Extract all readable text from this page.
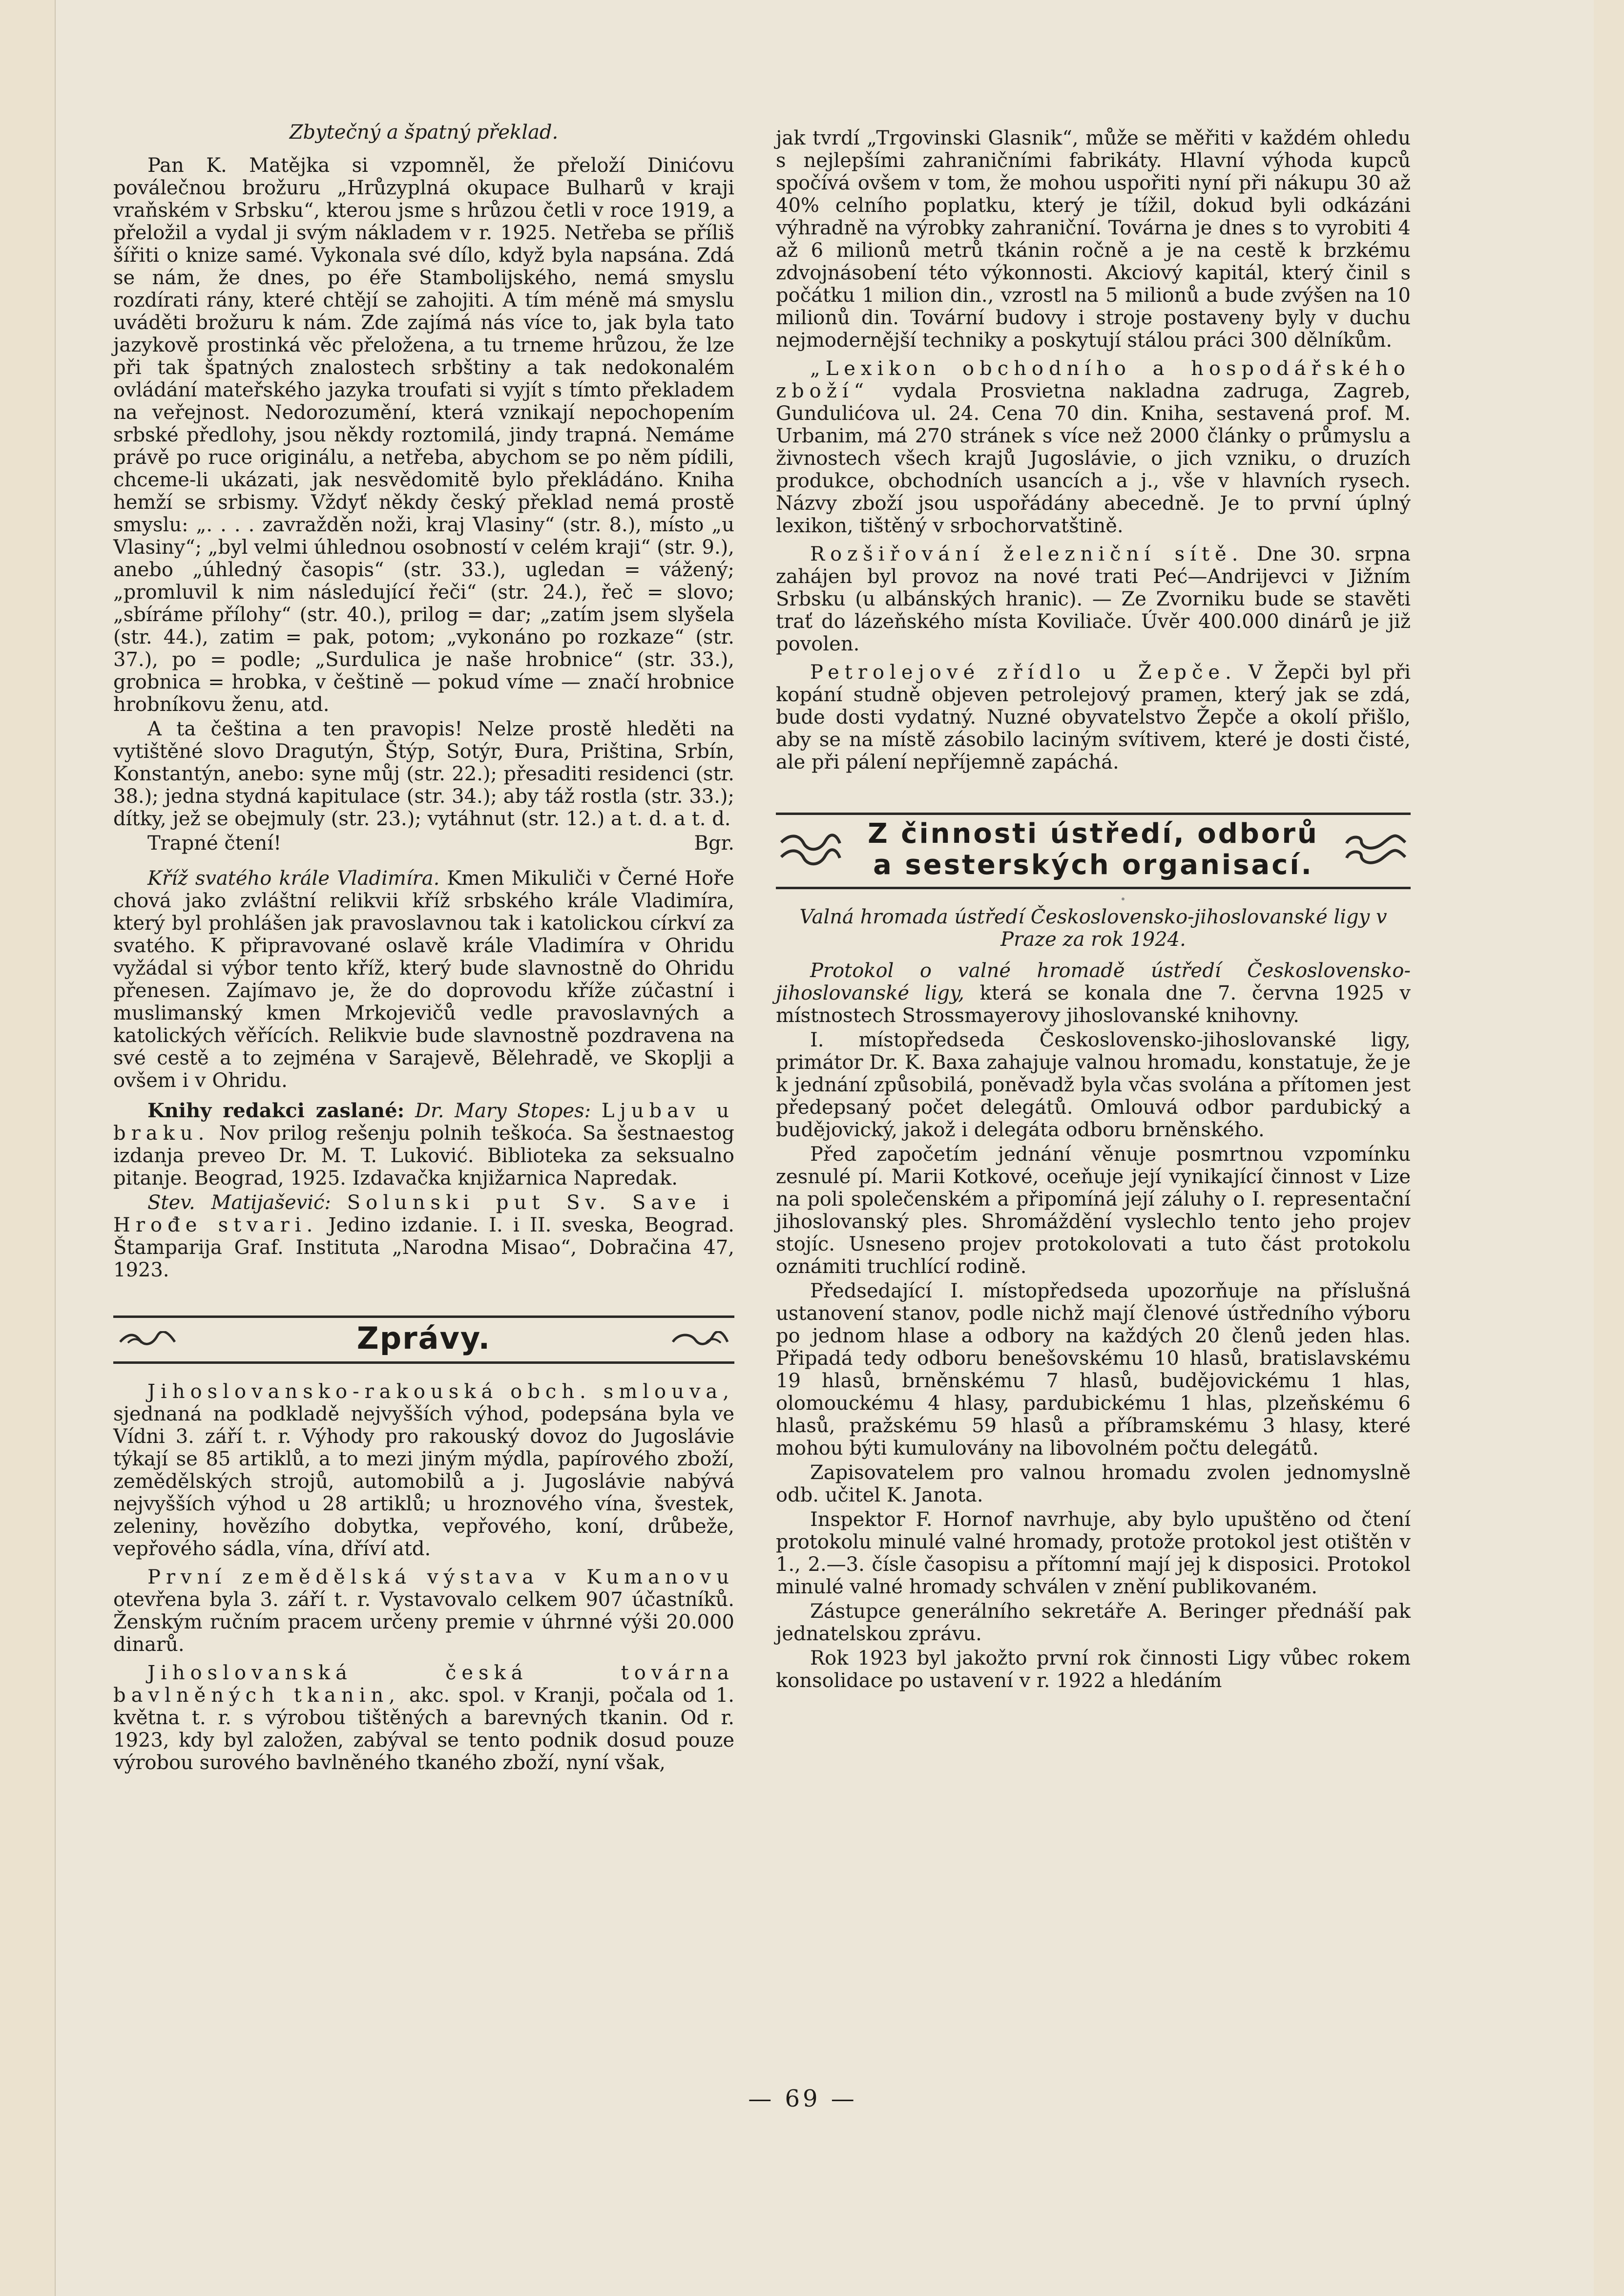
Zbytečný a špatný překlad.

Pan K. Matějka si vzpomněl, že přeloží Dinićovu poválečnou brožuru „Hrůzyplná okupace Bulharů v kraji vraňském v Srbsku“, kterou jsme s hrůzou četli v roce 1919, a přeložil a vydal ji svým nákladem v r. 1925. Netřeba se příliš šířiti o knize samé. Vykonala své dílo, když byla napsána. Zdá se nám, že dnes, po éře Stambolijského, nemá smyslu rozdírati rány, které chtějí se zahojiti. A tím méně má smyslu uváděti brožuru k nám. Zde zajímá nás více to, jak byla tato jazykově prostinká věc přeložena, a tu trneme hrůzou, že lze při tak špatných znalostech srbštiny a tak nedokonalém ovládání mateřského jazyka troufati si vyjít s tímto překladem na veřejnost. Nedorozumění, která vznikají nepochopením srbské předlohy, jsou někdy roztomilá, jindy trapná. Nemáme právě po ruce originálu, a netřeba, abychom se po něm pídili, chceme-li ukázati, jak nesvědomitě bylo překládáno. Kniha hemží se srbismy. Vždyť někdy český překlad nemá prostě smyslu: „. . . . zavražděn noži, kraj Vlasiny“ (str. 8.), místo „u Vlasiny“; „byl velmi úhlednou osobností v celém kraji“ (str. 9.), anebo „úhledný časopis“ (str. 33.), ugledan = vážený; „promluvil k nim následující řeči“ (str. 24.), řeč = slovo; „sbíráme přílohy“ (str. 40.), prilog = dar; „zatím jsem slyšela (str. 44.), zatim = pak, potom; „vykonáno po rozkaze“ (str. 37.), po = podle; „Surdulica je naše hrobnice“ (str. 33.), grobnica = hrobka, v češtině — pokud víme — značí hrobnice hrobníkovu ženu, atd.

A ta čeština a ten pravopis! Nelze prostě hleděti na vytištěné slovo Dragutýn, Štýp, Sotýr, Đura, Priština, Srbín, Konstantýn, anebo: syne můj (str. 22.); přesaditi residenci (str. 38.); jedna stydná kapitulace (str. 34.); aby táž rostla (str. 33.); dítky, jež se obejmuly (str. 23.); vytáhnut (str. 12.) a t. d. a t. d.

Trapné čtení!	Bgr.

Kříž svatého krále Vladimíra. Kmen Mikuliči v Černé Hoře chová jako zvláštní relikvii kříž srbského krále Vladimíra, který byl prohlášen jak pravoslavnou tak i katolickou církví za svatého. K připravované oslavě krále Vladimíra v Ohridu vyžádal si výbor tento kříž, který bude slavnostně do Ohridu přenesen. Zajímavo je, že do doprovodu kříže zúčastní i muslimanský kmen Mrkojevičů vedle pravoslavných a katolických věřících. Relikvie bude slavnostně pozdravena na své cestě a to zejména v Sarajevě, Bělehradě, ve Skoplji a ovšem i v Ohridu.

Knihy redakci zaslané: Dr. Mary Stopes: Ljubav u braku. Nov prilog rešenju polnih teškoća. Sa šestnaestog izdanja preveo Dr. M. T. Luković. Biblioteka za seksualno pitanje. Beograd, 1925. Izdavačka knjižarnica Napredak.

Stev. Matijašević: Solunski put Sv. Save i Hrođe stvari. Jedino izdanie. I. i II. sveska, Beograd. Štamparija Graf. Instituta „Narodna Misao“, Dobračina 47, 1923.

Zprávy.

Jihoslovansko-rakouská obch. smlouva, sjednaná na podkladě nejvyšších výhod, podepsána byla ve Vídni 3. září t. r. Výhody pro rakouský dovoz do Jugoslávie týkají se 85 artiklů, a to mezi jiným mýdla, papírového zboží, zemědělských strojů, automobilů a j. Jugoslávie nabývá nejvyšších výhod u 28 artiklů; u hroznového vína, švestek, zeleniny, hovězího dobytka, vepřového, koní, drůbeže, vepřového sádla, vína, dříví atd.

První zemědělská výstava v Kumanovu otevřena byla 3. září t. r. Vystavovalo celkem 907 účastníků. Ženským ručním pracem určeny premie v úhrnné výši 20.000 dinarů.

Jihoslovanská česká továrna bavlněných tkanin, akc. spol. v Kranji, počala od 1. května t. r. s výrobou tištěných a barevných tkanin. Od r. 1923, kdy byl založen, zabýval se tento podnik dosud pouze výrobou surového bavlněného tkaného zboží, nyní však,

jak tvrdí „Trgovinski Glasnik“, může se měřiti v každém ohledu s nejlepšími zahraničními fabrikáty. Hlavní výhoda kupců spočívá ovšem v tom, že mohou uspořiti nyní při nákupu 30 až 40% celního poplatku, který je tížil, dokud byli odkázáni výhradně na výrobky zahraniční. Továrna je dnes s to vyrobiti 4 až 6 milionů metrů tkánin ročně a je na cestě k brzkému zdvojnásobení této výkonnosti. Akciový kapitál, který činil s počátku 1 milion din., vzrostl na 5 milionů a bude zvýšen na 10 milionů din. Tovární budovy i stroje postaveny byly v duchu nejmodernější techniky a poskytují stálou práci 300 dělníkům.

„Lexikon obchodního a hospodářského zboží“ vydala Prosvietna nakladna zadruga, Zagreb, Gundulićova ul. 24. Cena 70 din. Kniha, sestavená prof. M. Urbanim, má 270 stránek s více než 2000 články o průmyslu a živnostech všech krajů Jugoslávie, o jich vzniku, o druzích produkce, obchodních usancích a j., vše v hlavních rysech. Názvy zboží jsou uspořádány abecedně. Je to první úplný lexikon, tištěný v srbochorvatštině.

Rozšiřování železniční sítě. Dne 30. srpna zahájen byl provoz na nové trati Peć—Andrijevci v Jižním Srbsku (u albánských hranic). — Ze Zvorniku bude se stavěti trať do lázeňského místa Koviliače. Úvěr 400.000 dinárů je již povolen.

Petrolejové zřídlo u Žepče. V Žepči byl při kopání studně objeven petrolejový pramen, který jak se zdá, bude dosti vydatný. Nuzné obyvatelstvo Žepče a okolí přišlo, aby se na místě zásobilo laciným svítivem, které je dosti čisté, ale při pálení nepříjemně zapáchá.

Z činnosti ústředí, odborů
a sesterských organisací.
Valná hromada ústředí Československo-jihoslovanské ligy v Praze za rok 1924.

Protokol o valné hromadě ústředí Československo-jihoslovanské ligy, která se konala dne 7. června 1925 v místnostech Strossmayerovy jihoslovanské knihovny.

I. místopředseda Československo-jihoslovanské ligy, primátor Dr. K. Baxa zahajuje valnou hromadu, konstatuje, že je k jednání způsobilá, poněvadž byla včas svolána a přítomen jest předepsaný počet delegátů. Omlouvá odbor pardubický a budějovický, jakož i delegáta odboru brněnského.

Před započetím jednání věnuje posmrtnou vzpomínku zesnulé pí. Marii Kotkové, oceňuje její vynikající činnost v Lize na poli společenském a připomíná její záluhy o I. representační jihoslovanský ples. Shromáždění vyslechlo tento jeho projev stojíc. Usneseno projev protokolovati a tuto část protokolu oznámiti truchlící rodině.

Předsedající I. místopředseda upozorňuje na příslušná ustanovení stanov, podle nichž mají členové ústředního výboru po jednom hlase a odbory na každých 20 členů jeden hlas. Připadá tedy odboru benešovskému 10 hlasů, bratislavskému 19 hlasů, brněnskému 7 hlasů, budějovickému 1 hlas, olomouckému 4 hlasy, pardubickému 1 hlas, plzeňskému 6 hlasů, pražskému 59 hlasů a příbramskému 3 hlasy, které mohou býti kumulovány na libovolném počtu delegátů.

Zapisovatelem pro valnou hromadu zvolen jednomyslně odb. učitel K. Janota.

Inspektor F. Hornof navrhuje, aby bylo upuštěno od čtení protokolu minulé valné hromady, protože protokol jest otištěn v 1., 2.—3. čísle časopisu a přítomní mají jej k disposici. Protokol minulé valné hromady schválen v znění publikovaném.

Zástupce generálního sekretáře A. Beringer přednáší pak jednatelskou zprávu.

Rok 1923 byl jakožto první rok činnosti Ligy vůbec rokem konsolidace po ustavení v r. 1922 a hledáním

— 69 —
